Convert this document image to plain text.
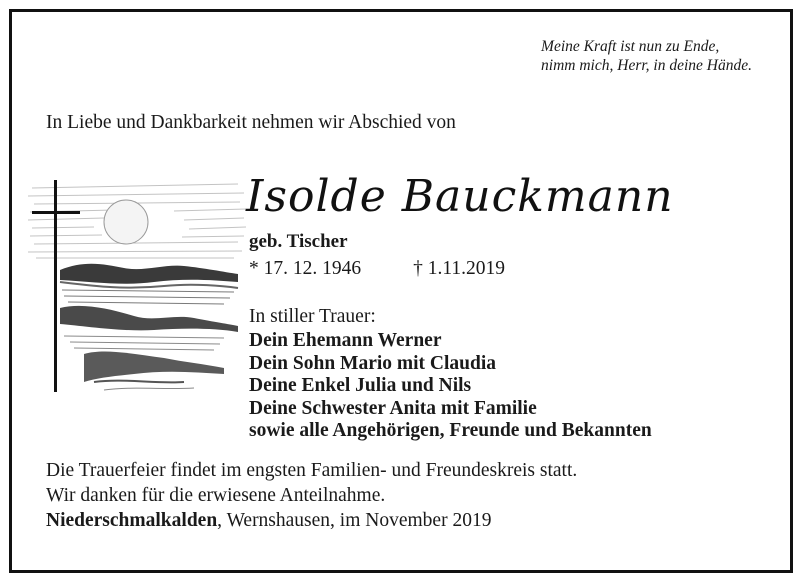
Meine Kraft ist nun zu Ende,
nimm mich, Herr, in deine Hände.
In Liebe und Dankbarkeit nehmen wir Abschied von
Isolde Bauckmann
geb. Tischer
* 17. 12. 1946	† 1.11.2019
In stiller Trauer:
Dein Ehemann Werner
Dein Sohn Mario mit Claudia
Deine Enkel Julia und Nils
Deine Schwester Anita mit Familie
sowie alle Angehörigen, Freunde und Bekannten
Die Trauerfeier findet im engsten Familien- und Freundeskreis statt.
Wir danken für die erwiesene Anteilnahme.
Niederschmalkalden, Wernshausen, im November 2019
